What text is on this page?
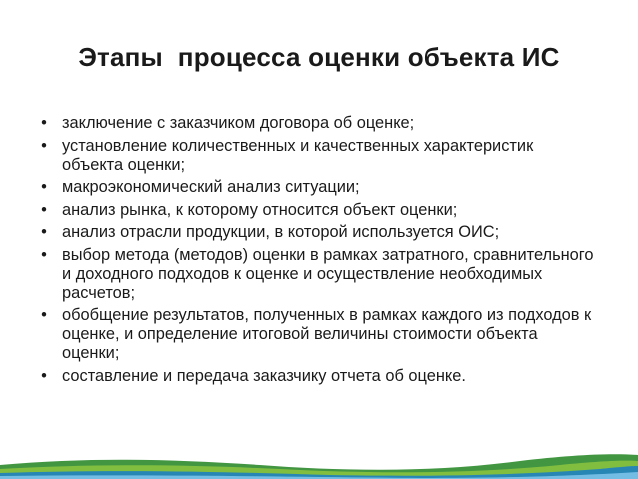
Этапы  процесса оценки объекта ИС
• заключение с заказчиком договора об оценке;
• установление количественных и качественных характеристик объекта оценки;
• макроэкономический анализ ситуации;
• анализ рынка, к которому относится объект оценки;
• анализ отрасли продукции, в которой используется ОИС;
• выбор метода (методов) оценки в рамках затратного, сравнительного и доходного подходов к оценке и осуществление необходимых расчетов;
• обобщение результатов, полученных в рамках каждого из подходов к оценке, и определение итоговой величины стоимости объекта оценки;
• составление и передача заказчику отчета об оценке.
